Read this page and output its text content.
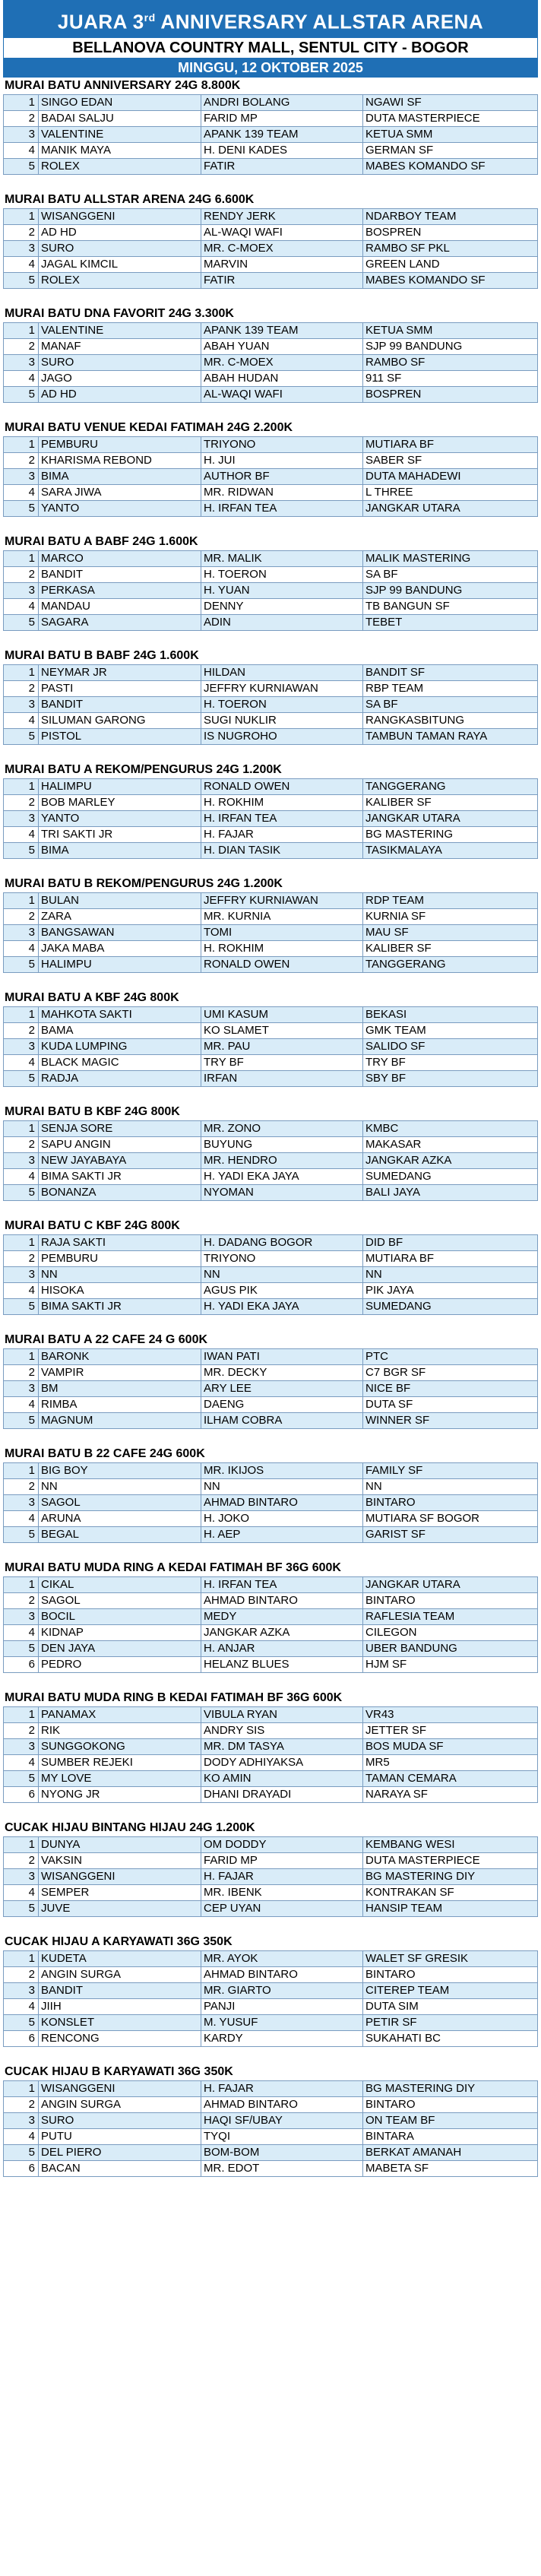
JUARA 3rd ANNIVERSARY ALLSTAR ARENA
BELLANOVA COUNTRY MALL, SENTUL CITY - BOGOR
MINGGU, 12 OKTOBER 2025
MURAI BATU ANNIVERSARY 24G 8.800K
1	SINGO EDAN	ANDRI BOLANG	NGAWI SF
2	BADAI SALJU	FARID MP	DUTA MASTERPIECE
3	VALENTINE	APANK 139 TEAM	KETUA SMM
4	MANIK MAYA	H. DENI KADES	GERMAN SF
5	ROLEX	FATIR	MABES KOMANDO SF
MURAI BATU ALLSTAR ARENA 24G 6.600K
1	WISANGGENI	RENDY JERK	NDARBOY TEAM
2	AD HD	AL-WAQI WAFI	BOSPREN
3	SURO	MR. C-MOEX	RAMBO SF PKL
4	JAGAL KIMCIL	MARVIN	GREEN LAND
5	ROLEX	FATIR	MABES KOMANDO SF
MURAI BATU DNA FAVORIT 24G 3.300K
1	VALENTINE	APANK 139 TEAM	KETUA SMM
2	MANAF	ABAH YUAN	SJP 99 BANDUNG
3	SURO	MR. C-MOEX	RAMBO SF
4	JAGO	ABAH HUDAN	911 SF
5	AD HD	AL-WAQI WAFI	BOSPREN
MURAI BATU VENUE KEDAI FATIMAH 24G 2.200K
1	PEMBURU	TRIYONO	MUTIARA BF
2	KHARISMA REBOND	H. JUI	SABER SF
3	BIMA	AUTHOR BF	DUTA MAHADEWI
4	SARA JIWA	MR. RIDWAN	L THREE
5	YANTO	H. IRFAN TEA	JANGKAR UTARA
MURAI BATU A BABF 24G 1.600K
1	MARCO	MR. MALIK	MALIK MASTERING
2	BANDIT	H. TOERON	SA BF
3	PERKASA	H. YUAN	SJP 99 BANDUNG
4	MANDAU	DENNY	TB BANGUN SF
5	SAGARA	ADIN	TEBET
MURAI BATU B BABF 24G 1.600K
1	NEYMAR JR	HILDAN	BANDIT SF
2	PASTI	JEFFRY KURNIAWAN	RBP TEAM
3	BANDIT	H. TOERON	SA BF
4	SILUMAN GARONG	SUGI NUKLIR	RANGKASBITUNG
5	PISTOL	IS NUGROHO	TAMBUN TAMAN RAYA
MURAI BATU A REKOM/PENGURUS 24G 1.200K
1	HALIMPU	RONALD OWEN	TANGGERANG
2	BOB MARLEY	H. ROKHIM	KALIBER SF
3	YANTO	H. IRFAN TEA	JANGKAR UTARA
4	TRI SAKTI JR	H. FAJAR	BG MASTERING
5	BIMA	H. DIAN TASIK	TASIKMALAYA
MURAI BATU B REKOM/PENGURUS 24G 1.200K
1	BULAN	JEFFRY KURNIAWAN	RDP TEAM
2	ZARA	MR. KURNIA	KURNIA SF
3	BANGSAWAN	TOMI	MAU SF
4	JAKA MABA	H. ROKHIM	KALIBER SF
5	HALIMPU	RONALD OWEN	TANGGERANG
MURAI BATU A KBF 24G 800K
1	MAHKOTA SAKTI	UMI KASUM	BEKASI
2	BAMA	KO SLAMET	GMK TEAM
3	KUDA LUMPING	MR. PAU	SALIDO SF
4	BLACK MAGIC	TRY BF	TRY BF
5	RADJA	IRFAN	SBY BF
MURAI BATU B KBF 24G 800K
1	SENJA SORE	MR. ZONO	KMBC
2	SAPU ANGIN	BUYUNG	MAKASAR
3	NEW JAYABAYA	MR. HENDRO	JANGKAR AZKA
4	BIMA SAKTI JR	H. YADI EKA JAYA	SUMEDANG
5	BONANZA	NYOMAN	BALI JAYA
MURAI BATU C KBF 24G 800K
1	RAJA SAKTI	H. DADANG BOGOR	DID BF
2	PEMBURU	TRIYONO	MUTIARA BF
3	NN	NN	NN
4	HISOKA	AGUS PIK	PIK JAYA
5	BIMA SAKTI JR	H. YADI EKA JAYA	SUMEDANG
MURAI BATU A 22 CAFE 24 G 600K
1	BARONK	IWAN PATI	PTC
2	VAMPIR	MR. DECKY	C7 BGR SF
3	BM	ARY LEE	NICE BF
4	RIMBA	DAENG	DUTA SF
5	MAGNUM	ILHAM COBRA	WINNER SF
MURAI BATU B 22 CAFE 24G 600K
1	BIG BOY	MR. IKIJOS	FAMILY SF
2	NN	NN	NN
3	SAGOL	AHMAD BINTARO	BINTARO
4	ARUNA	H. JOKO	MUTIARA SF BOGOR
5	BEGAL	H. AEP	GARIST SF
MURAI BATU MUDA RING A KEDAI FATIMAH BF 36G 600K
1	CIKAL	H. IRFAN TEA	JANGKAR UTARA
2	SAGOL	AHMAD BINTARO	BINTARO
3	BOCIL	MEDY	RAFLESIA TEAM
4	KIDNAP	JANGKAR AZKA	CILEGON
5	DEN JAYA	H. ANJAR	UBER BANDUNG
6	PEDRO	HELANZ BLUES	HJM SF
MURAI BATU MUDA RING B KEDAI FATIMAH BF 36G 600K
1	PANAMAX	VIBULA RYAN	VR43
2	RIK	ANDRY SIS	JETTER SF
3	SUNGGOKONG	MR. DM TASYA	BOS MUDA SF
4	SUMBER REJEKI	DODY ADHIYAKSA	MR5
5	MY LOVE	KO AMIN	TAMAN CEMARA
6	NYONG JR	DHANI DRAYADI	NARAYA SF
CUCAK HIJAU BINTANG HIJAU 24G 1.200K
1	DUNYA	OM DODDY	KEMBANG WESI
2	VAKSIN	FARID MP	DUTA MASTERPIECE
3	WISANGGENI	H. FAJAR	BG MASTERING DIY
4	SEMPER	MR. IBENK	KONTRAKAN SF
5	JUVE	CEP UYAN	HANSIP TEAM
CUCAK HIJAU A KARYAWATI 36G 350K
1	KUDETA	MR. AYOK	WALET SF GRESIK
2	ANGIN SURGA	AHMAD BINTARO	BINTARO
3	BANDIT	MR. GIARTO	CITEREP TEAM
4	JIIH	PANJI	DUTA SIM
5	KONSLET	M. YUSUF	PETIR SF
6	RENCONG	KARDY	SUKAHATI BC
CUCAK HIJAU B KARYAWATI 36G 350K
1	WISANGGENI	H. FAJAR	BG MASTERING DIY
2	ANGIN SURGA	AHMAD BINTARO	BINTARO
3	SURO	HAQI SF/UBAY	ON TEAM BF
4	PUTU	TYQI	BINTARA
5	DEL PIERO	BOM-BOM	BERKAT AMANAH
6	BACAN	MR. EDOT	MABETA SF
